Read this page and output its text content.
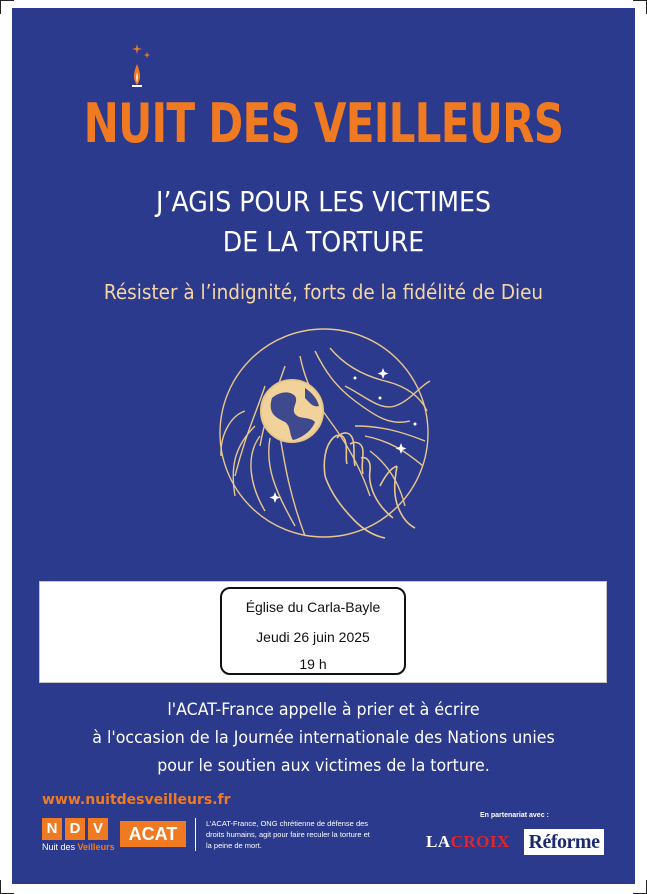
NUIT DES VEILLEURS
J’AGIS POUR LES VICTIMES
DE LA TORTURE
Résister à l’indignité, forts de la fidélité de Dieu
Église du Carla-Bayle
Jeudi 26 juin 2025
19 h
l'ACAT-France appelle à prier et à écrire
à l'occasion de la Journée internationale des Nations unies
pour le soutien aux victimes de la torture.
www.nuitdesveilleurs.fr
N D V
Nuit des Veilleurs
ACAT
L’ACAT-France, ONG chrétienne de défense des droits humains, agit pour faire reculer la torture et la peine de mort.
En partenariat avec :
LACROIX Réforme
